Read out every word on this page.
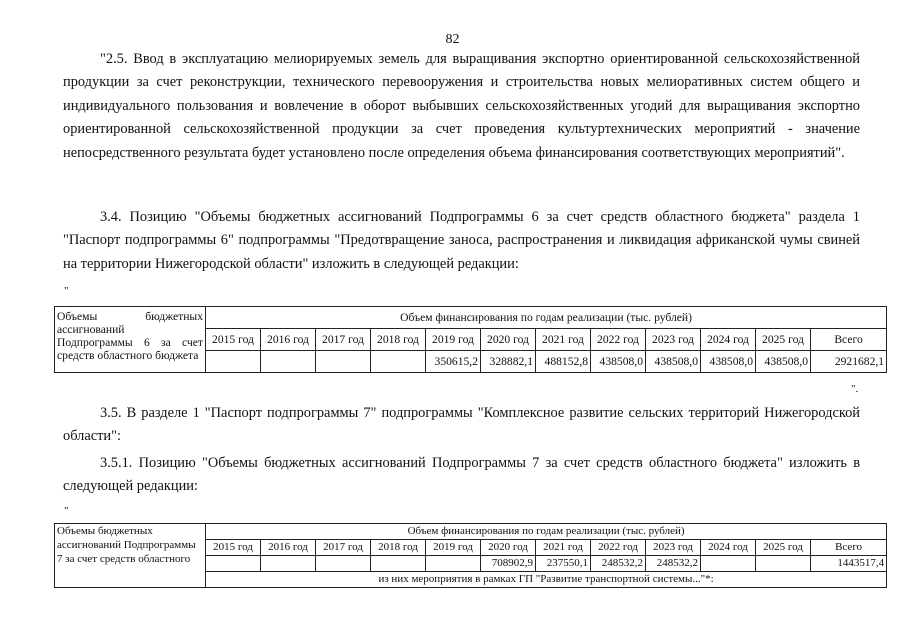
82

"2.5. Ввод в эксплуатацию мелиорируемых земель для выращивания экспортно ориентированной сельскохозяйственной продукции за счет реконструкции, технического перевооружения и строительства новых мелиоративных систем общего и индивидуального пользования и вовлечение в оборот выбывших сельскохозяйственных угодий для выращивания экспортно ориентированной сельскохозяйственной продукции за счет проведения культуртехнических мероприятий - значение непосредственного результата будет установлено после определения объема финансирования соответствующих мероприятий".

3.4. Позицию "Объемы бюджетных ассигнований Подпрограммы 6 за счет средств областного бюджета" раздела 1 "Паспорт подпрограммы 6" подпрограммы "Предотвращение заноса, распространения и ликвидация африканской чумы свиней на территории Нижегородской области" изложить в следующей редакции:

"
Объемы бюджетных ассигнований Подпрограммы 6 за счет средств областного бюджета	Объем финансирования по годам реализации (тыс. рублей)											
	2015 год	2016 год	2017 год	2018 год	2019 год	2020 год	2021 год	2022 год	2023 год	2024 год	2025 год	Всего
					350615,2	328882,1	488152,8	438508,0	438508,0	438508,0	438508,0	2921682,1
".

3.5. В разделе 1 "Паспорт подпрограммы 7" подпрограммы "Комплексное развитие сельских территорий Нижегородской области":

3.5.1. Позицию "Объемы бюджетных ассигнований Подпрограммы 7 за счет средств областного бюджета" изложить в следующей редакции:

"
Объемы бюджетных ассигнований Подпрограммы 7 за счет средств областного	Объем финансирования по годам реализации (тыс. рублей)											
	2015 год	2016 год	2017 год	2018 год	2019 год	2020 год	2021 год	2022 год	2023 год	2024 год	2025 год	Всего
						708902,9	237550,1	248532,2	248532,2			1443517,4
	из них мероприятия в рамках ГП "Развитие транспортной системы..."*:											
